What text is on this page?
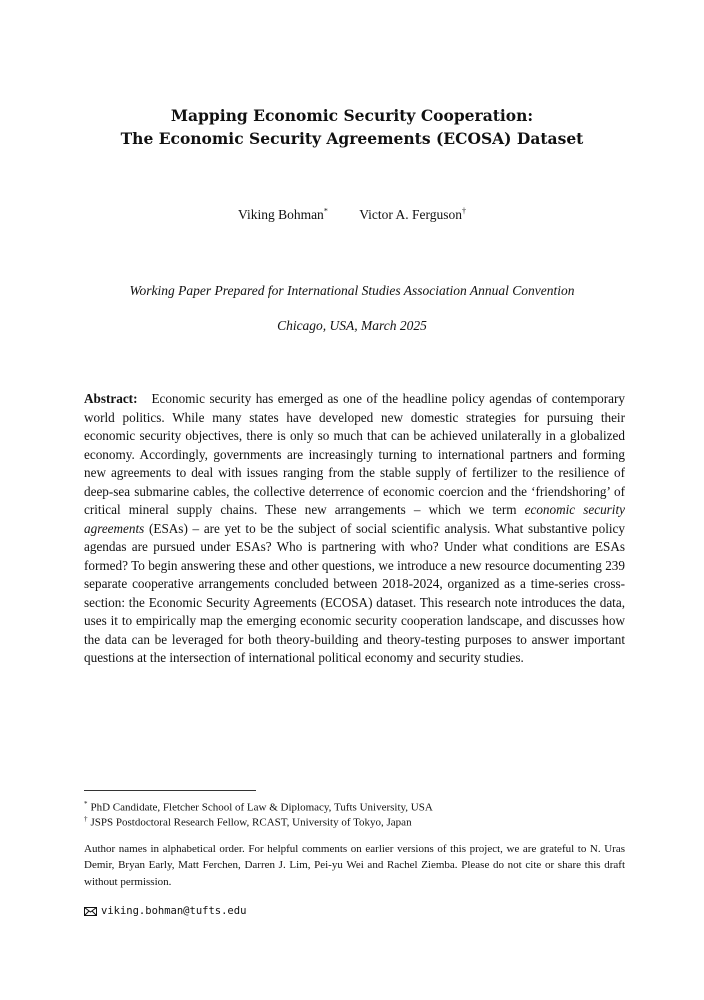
Mapping Economic Security Cooperation:
The Economic Security Agreements (ECOSA) Dataset
Viking Bohman* Victor A. Ferguson†
Working Paper Prepared for International Studies Association Annual Convention
Chicago, USA, March 2025
Abstract: Economic security has emerged as one of the headline policy agendas of contemporary world politics. While many states have developed new domestic strategies for pursuing their economic security objectives, there is only so much that can be achieved unilaterally in a globalized economy. Accordingly, governments are increasingly turning to international partners and forming new agreements to deal with issues ranging from the stable supply of fertilizer to the resilience of deep-sea submarine cables, the collective deterrence of economic coercion and the ‘friendshoring’ of critical mineral supply chains. These new arrangements – which we term economic security agreements (ESAs) – are yet to be the subject of social scientific analysis. What substantive policy agendas are pursued under ESAs? Who is partnering with who? Under what conditions are ESAs formed? To begin answering these and other questions, we introduce a new resource documenting 239 separate cooperative arrangements concluded between 2018-2024, organized as a time-series cross-section: the Economic Security Agreements (ECOSA) dataset. This research note introduces the data, uses it to empirically map the emerging economic security cooperation landscape, and discusses how the data can be leveraged for both theory-building and theory-testing purposes to answer important questions at the intersection of international political economy and security studies.
* PhD Candidate, Fletcher School of Law & Diplomacy, Tufts University, USA
† JSPS Postdoctoral Research Fellow, RCAST, University of Tokyo, Japan
Author names in alphabetical order. For helpful comments on earlier versions of this project, we are grateful to N. Uras Demir, Bryan Early, Matt Ferchen, Darren J. Lim, Pei-yu Wei and Rachel Ziemba. Please do not cite or share this draft without permission.
viking.bohman@tufts.edu
